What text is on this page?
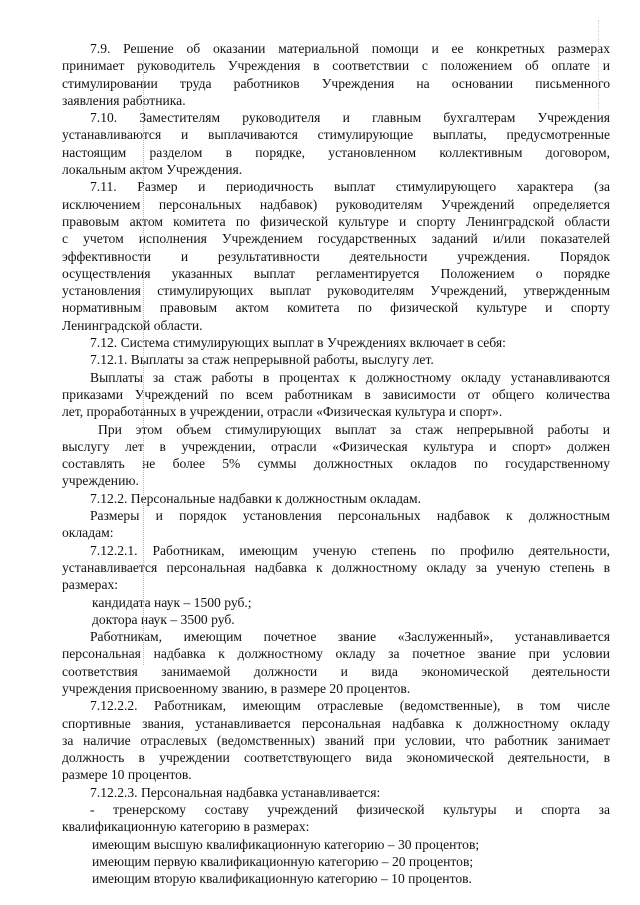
7.9. Решение об оказании материальной помощи и ее конкретных размерах
принимает руководитель Учреждения в соответствии с положением об оплате и
стимулировании труда работников Учреждения на основании письменного
заявления работника.
7.10. Заместителям руководителя и главным бухгалтерам Учреждения
устанавливаются и выплачиваются стимулирующие выплаты, предусмотренные
настоящим разделом в порядке, установленном коллективным договором,
локальным актом Учреждения.
7.11. Размер и периодичность выплат стимулирующего характера (за
исключением персональных надбавок) руководителям Учреждений определяется
правовым актом комитета по физической культуре и спорту Ленинградской области
с учетом исполнения Учреждением государственных заданий и/или показателей
эффективности и результативности деятельности учреждения. Порядок
осуществления указанных выплат регламентируется Положением о порядке
установления стимулирующих выплат руководителям Учреждений, утвержденным
нормативным правовым актом комитета по физической культуре и спорту
Ленинградской области.
7.12. Система стимулирующих выплат в Учреждениях включает в себя:
7.12.1. Выплаты за стаж непрерывной работы, выслугу лет.
Выплаты за стаж работы в процентах к должностному окладу устанавливаются
приказами Учреждений по всем работникам в зависимости от общего количества
лет, проработанных в учреждении, отрасли «Физическая культура и спорт».
При этом объем стимулирующих выплат за стаж непрерывной работы и
выслугу лет в учреждении, отрасли «Физическая культура и спорт» должен
составлять не более 5% суммы должностных окладов по государственному
учреждению.
7.12.2. Персональные надбавки к должностным окладам.
Размеры и порядок установления персональных надбавок к должностным
окладам:
7.12.2.1. Работникам, имеющим ученую степень по профилю деятельности,
устанавливается персональная надбавка к должностному окладу за ученую степень в
размерах:
кандидата наук – 1500 руб.;
доктора наук – 3500 руб.
Работникам, имеющим почетное звание «Заслуженный», устанавливается
персональная надбавка к должностному окладу за почетное звание при условии
соответствия занимаемой должности и вида экономической деятельности
учреждения присвоенному званию, в размере 20 процентов.
7.12.2.2. Работникам, имеющим отраслевые (ведомственные), в том числе
спортивные звания, устанавливается персональная надбавка к должностному окладу
за наличие отраслевых (ведомственных) званий при условии, что работник занимает
должность в учреждении соответствующего вида экономической деятельности, в
размере 10 процентов.
7.12.2.3. Персональная надбавка устанавливается:
- тренерскому составу учреждений физической культуры и спорта за
квалификационную категорию в размерах:
имеющим высшую квалификационную категорию – 30 процентов;
имеющим первую квалификационную категорию – 20 процентов;
имеющим вторую квалификационную категорию – 10 процентов.
